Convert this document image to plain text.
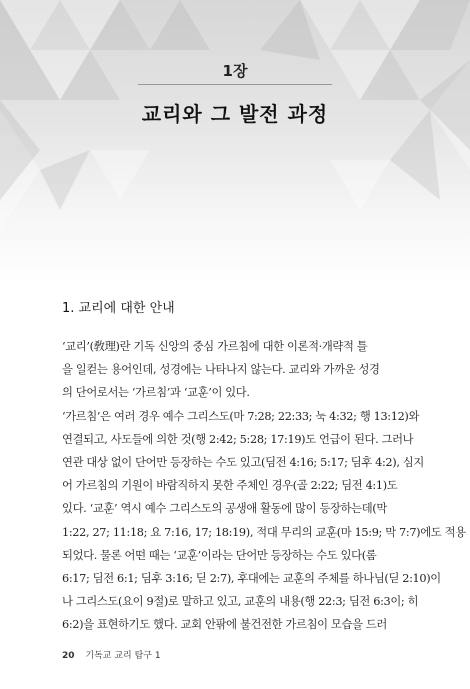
1장
교리와 그 발전 과정
1. 교리에 대한 안내
‘교리’(敎理)란 기독 신앙의 중심 가르침에 대한 이론적·개략적 틀
을 일컫는 용어인데, 성경에는 나타나지 않는다. 교리와 가까운 성경
의 단어로서는 ‘가르침’과 ‘교훈’이 있다.
‘가르침’은 여러 경우 예수 그리스도(마 7:28; 22:33; 눅 4:32; 행 13:12)와
연결되고, 사도들에 의한 것(행 2:42; 5:28; 17:19)도 언급이 된다. 그러나
연관 대상 없이 단어만 등장하는 수도 있고(딤전 4:16; 5:17; 딤후 4:2), 심지
어 가르침의 기원이 바람직하지 못한 주체인 경우(골 2:22; 딤전 4:1)도
있다. ‘교훈’ 역시 예수 그리스도의 공생애 활동에 많이 등장하는데(막
1:22, 27; 11:18; 요 7:16, 17; 18:19), 적대 무리의 교훈(마 15:9; 막 7:7)에도 적용
되었다. 물론 어떤 때는 ‘교훈’이라는 단어만 등장하는 수도 있다(롬
6:17; 딤전 6:1; 딤후 3:16; 딛 2:7), 후대에는 교훈의 주체를 하나님(딛 2:10)이
나 그리스도(요이 9절)로 말하고 있고, 교훈의 내용(행 22:3; 딤전 6:3이; 히
6:2)을 표현하기도 했다. 교회 안팎에 불건전한 가르침이 모습을 드러
20 기독교 교리 탐구 1
